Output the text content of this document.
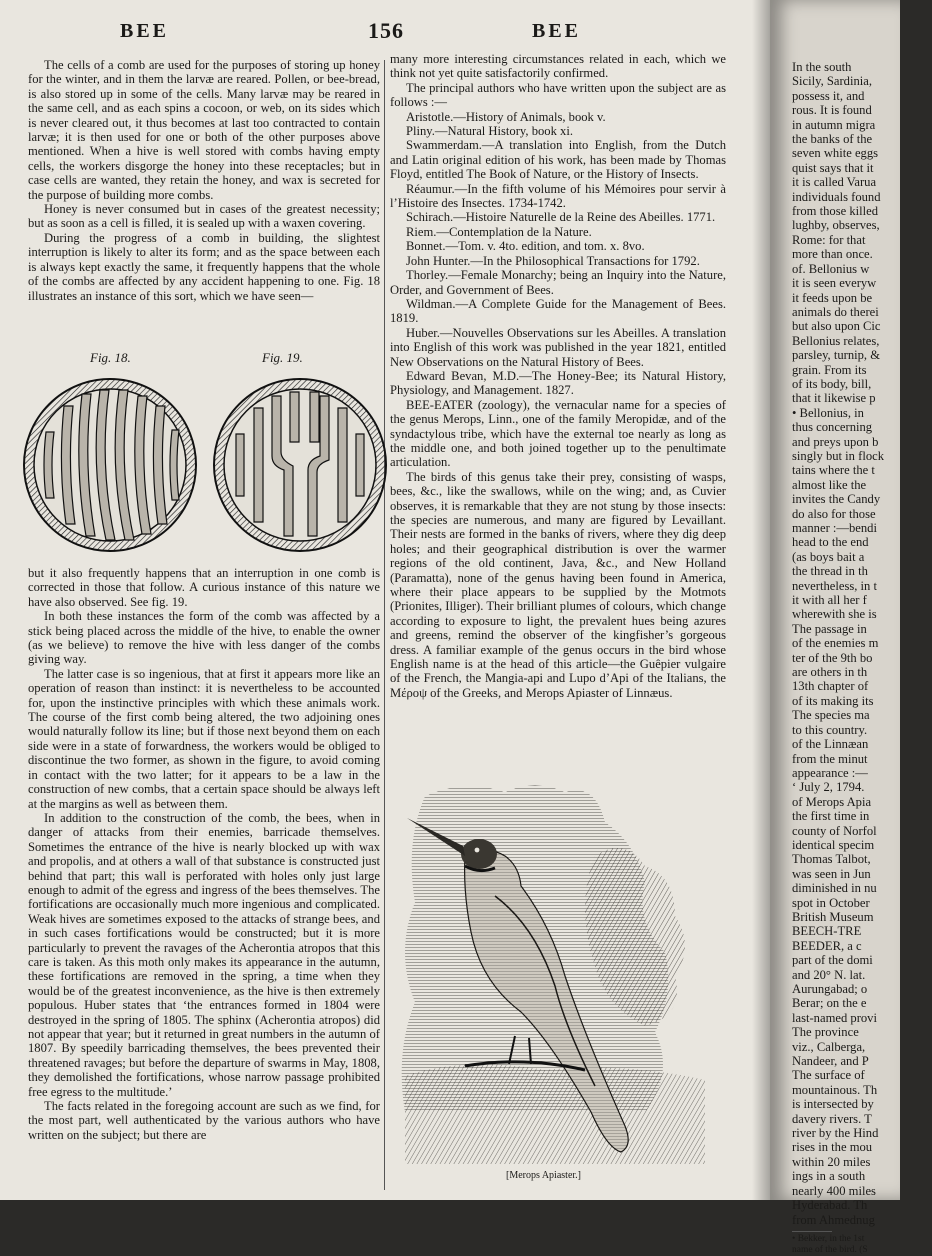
BEE	156	BEE

The cells of a comb are used for the purposes of storing up honey for the winter, and in them the larvæ are reared. Pollen, or bee-bread, is also stored up in some of the cells. Many larvæ may be reared in the same cell, and as each spins a cocoon, or web, on its sides which is never cleared out, it thus becomes at last too contracted to contain larvæ; it is then used for one or both of the other purposes above mentioned. When a hive is well stored with combs having empty cells, the workers disgorge the honey into these receptacles; but in case cells are wanted, they retain the honey, and wax is secreted for the purpose of building more combs.

Honey is never consumed but in cases of the greatest necessity; but as soon as a cell is filled, it is sealed up with a waxen covering.

During the progress of a comb in building, the slightest interruption is likely to alter its form; and as the space between each is always kept exactly the same, it frequently happens that the whole of the combs are affected by any accident happening to one. Fig. 18 illustrates an instance of this sort, which we have seen—

Fig. 18.	Fig. 19.

but it also frequently happens that an interruption in one comb is corrected in those that follow. A curious instance of this nature we have also observed. See fig. 19.

In both these instances the form of the comb was affected by a stick being placed across the middle of the hive, to enable the owner (as we believe) to remove the hive with less danger of the combs giving way.

The latter case is so ingenious, that at first it appears more like an operation of reason than instinct: it is nevertheless to be accounted for, upon the instinctive principles with which these animals work. The course of the first comb being altered, the two adjoining ones would naturally follow its line; but if those next beyond them on each side were in a state of forwardness, the workers would be obliged to discontinue the two former, as shown in the figure, to avoid coming in contact with the two latter; for it appears to be a law in the construction of new combs, that a certain space should be always left at the margins as well as between them.

In addition to the construction of the comb, the bees, when in danger of attacks from their enemies, barricade themselves. Sometimes the entrance of the hive is nearly blocked up with wax and propolis, and at others a wall of that substance is constructed just behind that part; this wall is perforated with holes only just large enough to admit of the egress and ingress of the bees themselves. The fortifications are occasionally much more ingenious and complicated. Weak hives are sometimes exposed to the attacks of strange bees, and in such cases fortifications would be constructed; but it is more particularly to prevent the ravages of the Acherontia atropos that this care is taken. As this moth only makes its appearance in the autumn, these fortifications are removed in the spring, a time when they would be of the greatest inconvenience, as the hive is then extremely populous. Huber states that ‘the entrances formed in 1804 were destroyed in the spring of 1805. The sphinx (Acherontia atropos) did not appear that year; but it returned in great numbers in the autumn of 1807. By speedily barricading themselves, the bees prevented their threatened ravages; but before the departure of swarms in May, 1808, they demolished the fortifications, whose narrow passage prohibited free egress to the multitude.’

The facts related in the foregoing account are such as we find, for the most part, well authenticated by the various authors who have written on the subject; but there are

many more interesting circumstances related in each, which we think not yet quite satisfactorily confirmed.

The principal authors who have written upon the subject are as follows :—

Aristotle.—History of Animals, book v.

Pliny.—Natural History, book xi.

Swammerdam.—A translation into English, from the Dutch and Latin original edition of his work, has been made by Thomas Floyd, entitled The Book of Nature, or the History of Insects.

Réaumur.—In the fifth volume of his Mémoires pour servir à l’Histoire des Insectes. 1734-1742.

Schirach.—Histoire Naturelle de la Reine des Abeilles. 1771.

Riem.—Contemplation de la Nature.

Bonnet.—Tom. v. 4to. edition, and tom. x. 8vo.

John Hunter.—In the Philosophical Transactions for 1792.

Thorley.—Female Monarchy; being an Inquiry into the Nature, Order, and Government of Bees.

Wildman.—A Complete Guide for the Management of Bees. 1819.

Huber.—Nouvelles Observations sur les Abeilles. A translation into English of this work was published in the year 1821, entitled New Observations on the Natural History of Bees.

Edward Bevan, M.D.—The Honey-Bee; its Natural History, Physiology, and Management. 1827.

BEE-EATER (zoology), the vernacular name for a species of the genus Merops, Linn., one of the family Meropidæ, and of the syndactylous tribe, which have the external toe nearly as long as the middle one, and both joined together up to the penultimate articulation.

The birds of this genus take their prey, consisting of wasps, bees, &c., like the swallows, while on the wing; and, as Cuvier observes, it is remarkable that they are not stung by those insects: the species are numerous, and many are figured by Levaillant. Their nests are formed in the banks of rivers, where they dig deep holes; and their geographical distribution is over the warmer regions of the old continent, Java, &c., and New Holland (Paramatta), none of the genus having been found in America, where their place appears to be supplied by the Motmots (Prionites, Illiger). Their brilliant plumes of colours, which change according to exposure to light, the prevalent hues being azures and greens, remind the observer of the kingfisher’s gorgeous dress. A familiar example of the genus occurs in the bird whose English name is at the head of this article—the Guêpier vulgaire of the French, the Mangia-api and Lupo d’Api of the Italians, the Μέροψ of the Greeks, and Merops Apiaster of Linnæus.

[Merops Apiaster.]
In the south
Sicily, Sardinia,
possess it, and
rous. It is found
in autumn migra
the banks of the
seven white eggs
quist says that it
it is called Varua
individuals found
from those killed
lughby, observes,
Rome: for that
more than once.
of. Bellonius w
it is seen everyw
it feeds upon be
animals do therei
but also upon Cic
Bellonius relates,
parsley, turnip, &
grain. From its
of its body, bill,
that it likewise p
• Bellonius, in
thus concerning
and preys upon b
singly but in flock
tains where the t
almost like the
invites the Candy
do also for those
manner :—bendi
head to the end
(as boys bait a
the thread in th
nevertheless, in t
it with all her f
wherewith she is
The passage in
of the enemies m
ter of the 9th bo
are others in th
13th chapter of
of its making its
The species ma
to this country.
of the Linnæan
from the minut
appearance :—
‘ July 2, 1794.
of Merops Apia
the first time in
county of Norfol
identical specim
Thomas Talbot,
was seen in Jun
diminished in nu
spot in October
British Museum
BEECH-TRE
BEEDER, a c
part of the domi
and 20° N. lat.
Aurungabad; o
Berar; on the e
last-named provi
The province
viz., Calberga,
Nandeer, and P
The surface of
mountainous. Th
is intersected by
davery rivers. T
river by the Hind
rises in the mou
within 20 miles
ings in a south
nearly 400 miles
Hyderabad. Th
from Ahmednug
• Bekker, in the 1st
name of the bird. (S
